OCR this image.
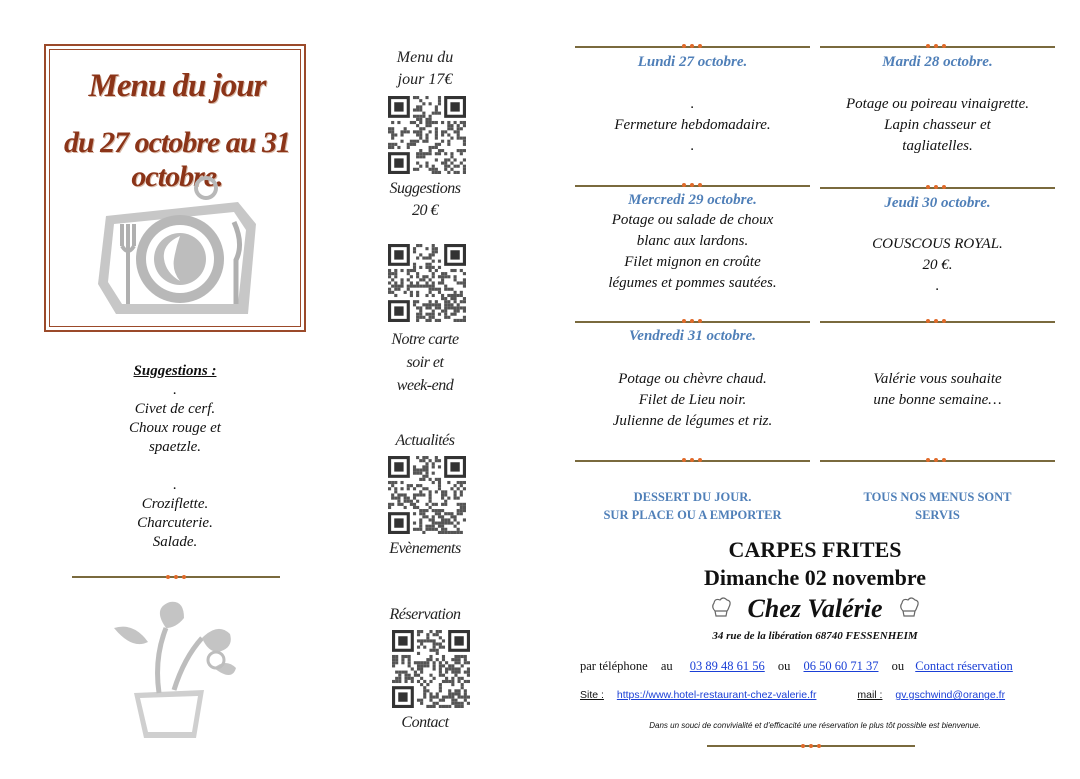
Menu du jour
du 27 octobre au 31 octobre.
Suggestions :
.
Civet de cerf.
Choux rouge et
spaetzle.
.
Croziflette.
Charcuterie.
Salade.
Menu du
jour 17€
Suggestions
20 €
Notre carte
soir et
week-end
Actualités
Evènements
Réservation
Contact
Lundi 27 octobre.
.
Fermeture hebdomadaire.
.
Mardi 28 octobre.
Potage ou poireau vinaigrette.
Lapin chasseur et
tagliatelles.
Mercredi 29 octobre.
Potage ou salade de choux
blanc aux lardons.
Filet mignon en croûte
légumes et pommes sautées.
Jeudi 30 octobre.
COUSCOUS ROYAL.
20 €.
.
Vendredi 31 octobre.
Potage ou chèvre chaud.
Filet de Lieu noir.
Julienne de légumes et riz.
Valérie vous souhaite
une bonne semaine…
DESSERT DU JOUR.
SUR PLACE OU A EMPORTER
TOUS NOS MENUS SONT
SERVIS
CARPES FRITES
Dimanche 02 novembre
Chez Valérie
34 rue de la libération 68740 FESSENHEIM
par téléphone au 03 89 48 61 56 ou 06 50 60 71 37 ou Contact réservation
Site : https://www.hotel-restaurant-chez-valerie.fr	mail : gv.gschwind@orange.fr
Dans un souci de convivialité et d'efficacité une réservation le plus tôt possible est bienvenue.
